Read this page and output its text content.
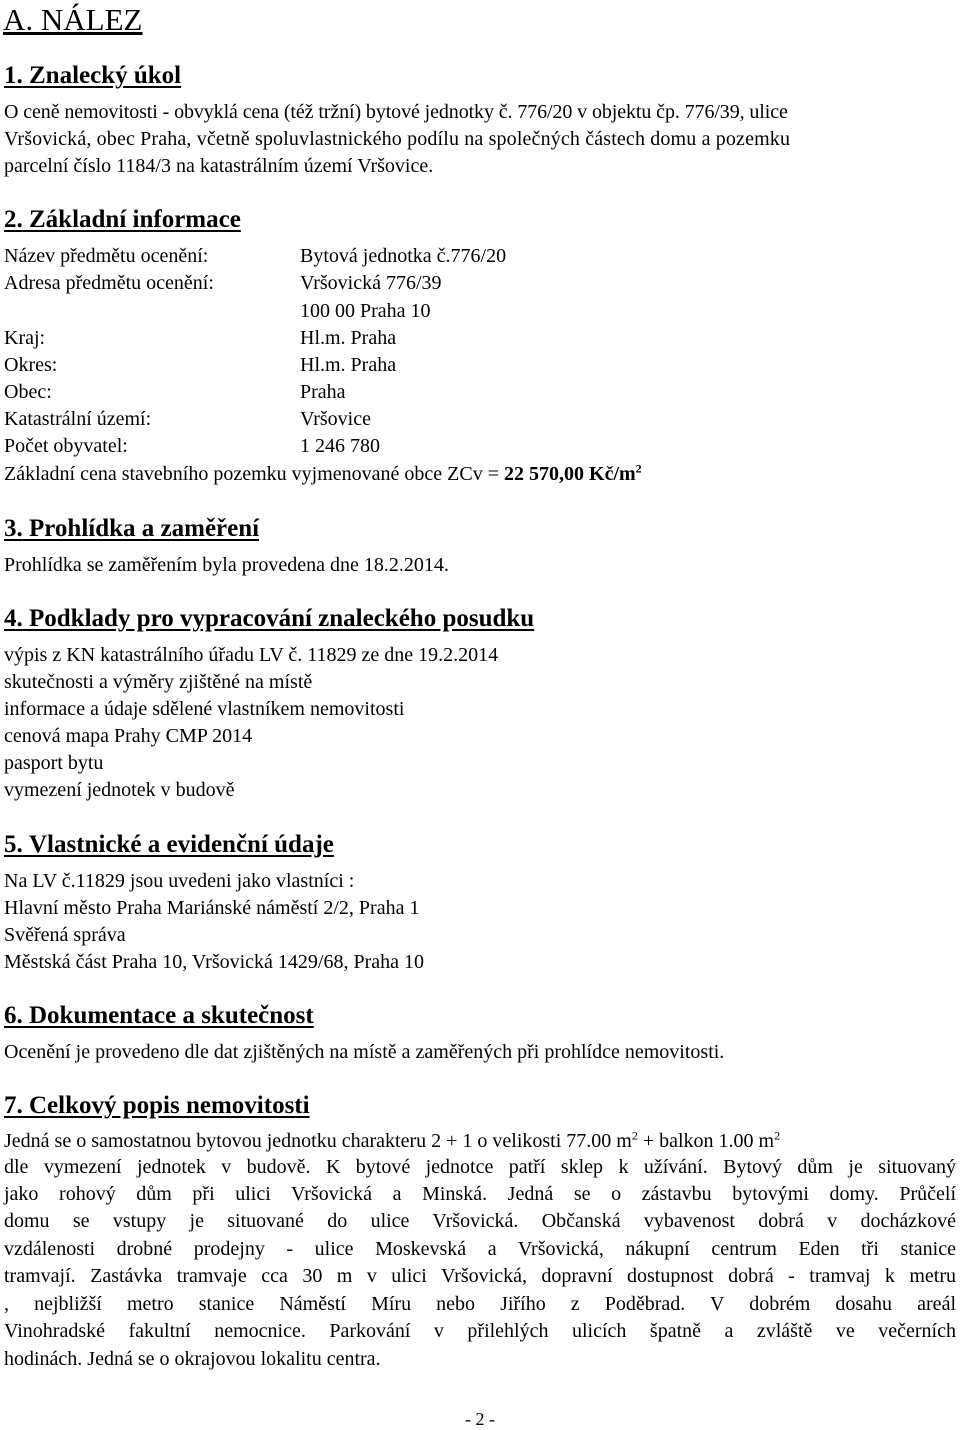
A. NÁLEZ
1. Znalecký úkol
O ceně nemovitosti - obvyklá cena (též tržní) bytové jednotky č. 776/20 v objektu čp. 776/39, ulice
Vršovická, obec Praha, včetně spoluvlastnického podílu na společných částech domu a pozemku
parcelní číslo 1184/3 na katastrálním území Vršovice.
2. Základní informace
Název předmětu ocenění:	Bytová jednotka č.776/20
Adresa předmětu ocenění:	Vršovická 776/39
100 00 Praha 10
Kraj:	Hl.m. Praha
Okres:	Hl.m. Praha
Obec:	Praha
Katastrální území:	Vršovice
Počet obyvatel:	1 246 780
Základní cena stavebního pozemku vyjmenované obce ZCv = 22 570,00 $Kč/m^2$
3. Prohlídka a zaměření
Prohlídka se zaměřením byla provedena dne 18.2.2014.
4. Podklady pro vypracování znaleckého posudku
výpis z KN katastrálního úřadu LV č. 11829 ze dne 19.2.2014
skutečnosti a výměry zjištěné na místě
informace a údaje sdělené vlastníkem nemovitosti
cenová mapa Prahy CMP 2014
pasport bytu
vymezení jednotek v budově
5. Vlastnické a evidenční údaje
Na LV č.11829 jsou uvedeni jako vlastníci :
Hlavní město Praha Mariánské náměstí 2/2, Praha 1
Svěřená správa
Městská část Praha 10, Vršovická 1429/68, Praha 10
6. Dokumentace a skutečnost
Ocenění je provedeno dle dat zjištěných na místě a zaměřených při prohlídce nemovitosti.
7. Celkový popis nemovitosti
Jedná se o samostatnou bytovou jednotku charakteru 2 + 1 o velikosti 77.00 $m^2$ + balkon 1.00 $m^2$
dle vymezení jednotek v budově. K bytové jednotce patří sklep k užívání. Bytový dům je situovaný
jako rohový dům při ulici Vršovická a Minská. Jedná se o zástavbu bytovými domy. Průčelí
domu se vstupy je situované do ulice Vršovická. Občanská vybavenost dobrá v docházkové
vzdálenosti drobné prodejny - ulice Moskevská a Vršovická, nákupní centrum Eden tři stanice
tramvají. Zastávka tramvaje cca 30 m v ulici Vršovická, dopravní dostupnost dobrá - tramvaj k metru
, nejbližší metro stanice Náměstí Míru nebo Jiřího z Poděbrad. V dobrém dosahu areál
Vinohradské fakultní nemocnice. Parkování v přilehlých ulicích špatně a zvláště ve večerních
hodinách. Jedná se o okrajovou lokalitu centra.
- 2 -
